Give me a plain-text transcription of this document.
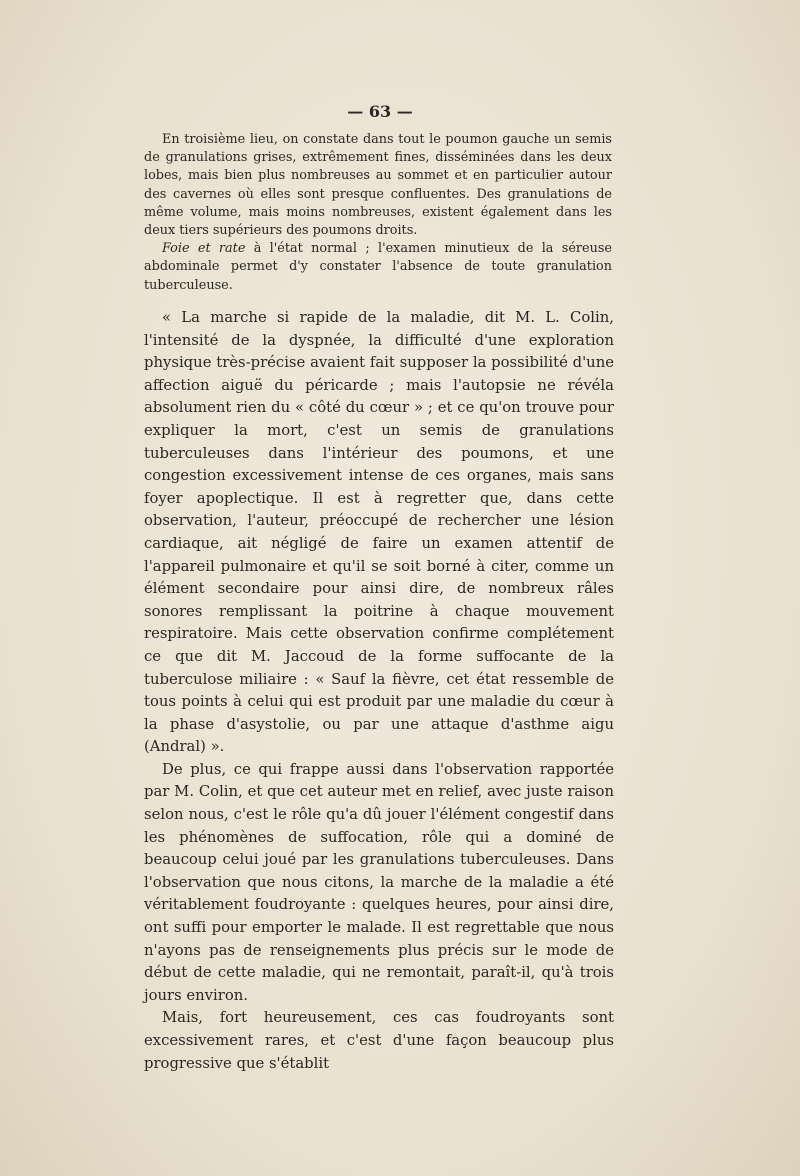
— 63 —

En troisième lieu, on constate dans tout le poumon gauche un semis de granulations grises, extrêmement fines, disséminées dans les deux lobes, mais bien plus nombreuses au sommet et en particulier autour des cavernes où elles sont presque confluentes. Des granulations de même volume, mais moins nombreuses, existent également dans les deux tiers supérieurs des poumons droits.

Foie et rate à l'état normal ; l'examen minutieux de la séreuse abdominale permet d'y constater l'absence de toute granulation tuberculeuse.

« La marche si rapide de la maladie, dit M. L. Colin, l'intensité de la dyspnée, la difficulté d'une exploration physique très-précise avaient fait supposer la possibilité d'une affection aiguë du péricarde ; mais l'autopsie ne révéla absolument rien du « côté du cœur » ; et ce qu'on trouve pour expliquer la mort, c'est un semis de granulations tuberculeuses dans l'intérieur des poumons, et une congestion excessivement intense de ces organes, mais sans foyer apoplectique. Il est à regretter que, dans cette observation, l'auteur, préoccupé de rechercher une lésion cardiaque, ait négligé de faire un examen attentif de l'appareil pulmonaire et qu'il se soit borné à citer, comme un élément secondaire pour ainsi dire, de nombreux râles sonores remplissant la poitrine à chaque mouvement respiratoire. Mais cette observation confirme complétement ce que dit M. Jaccoud de la forme suffocante de la tuberculose miliaire : « Sauf la fièvre, cet état ressemble de tous points à celui qui est produit par une maladie du cœur à la phase d'asystolie, ou par une attaque d'asthme aigu (Andral) ».

De plus, ce qui frappe aussi dans l'observation rapportée par M. Colin, et que cet auteur met en relief, avec juste raison selon nous, c'est le rôle qu'a dû jouer l'élément congestif dans les phénomènes de suffocation, rôle qui a dominé de beaucoup celui joué par les granulations tuberculeuses. Dans l'observation que nous citons, la marche de la maladie a été véritablement foudroyante : quelques heures, pour ainsi dire, ont suffi pour emporter le malade. Il est regrettable que nous n'ayons pas de renseignements plus précis sur le mode de début de cette maladie, qui ne remontait, paraît-il, qu'à trois jours environ.

Mais, fort heureusement, ces cas foudroyants sont excessivement rares, et c'est d'une façon beaucoup plus progressive que s'établit
